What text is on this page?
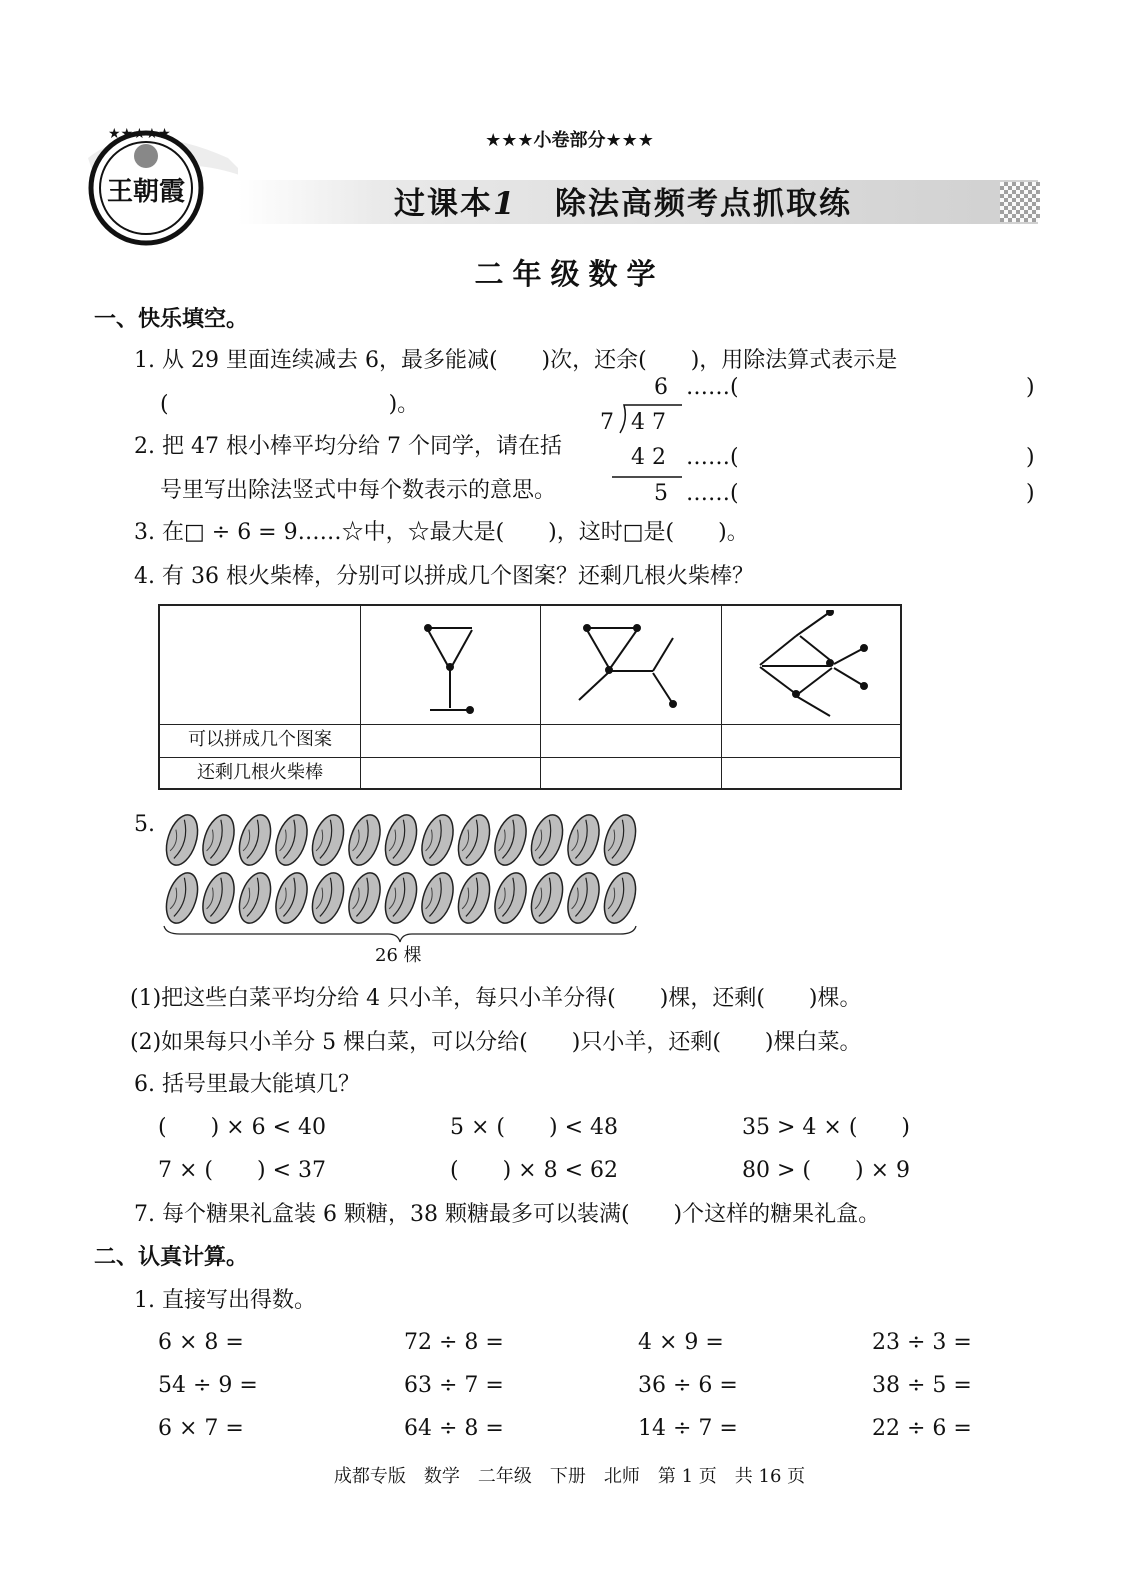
★★★★★
王朝霞
★★★小卷部分★★★
过课本1 除法高频考点抓取练
二年级数学
一、快乐填空。
1. 从 29 里面连续减去 6，最多能减(　　)次，还余(　　)，用除法算式表示是
(　　　　　　　　　　)。
2. 把 47 根小棒平均分给 7 个同学，请在括
号里写出除法竖式中每个数表示的意思。
6
7 4 7
4 2
5
……(	)
……(	)
……(	)
3. 在□ ÷ 6 = 9……☆中，☆最大是(　　)，这时□是(　　)。
4. 有 36 根火柴棒，分别可以拼成几个图案？还剩几根火柴棒？
可以拼成几个图案
还剩几根火柴棒
5.
26 棵
(1)把这些白菜平均分给 4 只小羊，每只小羊分得(　　)棵，还剩(　　)棵。
(2)如果每只小羊分 5 棵白菜，可以分给(　　)只小羊，还剩(　　)棵白菜。
6. 括号里最大能填几？
(　　) × 6 < 40	5 × (　　) < 48	35 > 4 × (　　)
7 × (　　) < 37	(　　) × 8 < 62	80 > (　　) × 9
7. 每个糖果礼盒装 6 颗糖，38 颗糖最多可以装满(　　)个这样的糖果礼盒。
二、认真计算。
1. 直接写出得数。
6 × 8 =	72 ÷ 8 =	4 × 9 =	23 ÷ 3 =
54 ÷ 9 =	63 ÷ 7 =	36 ÷ 6 =	38 ÷ 5 =
6 × 7 =	64 ÷ 8 =	14 ÷ 7 =	22 ÷ 6 =
成都专版　数学　二年级　下册　北师　第 1 页　共 16 页
